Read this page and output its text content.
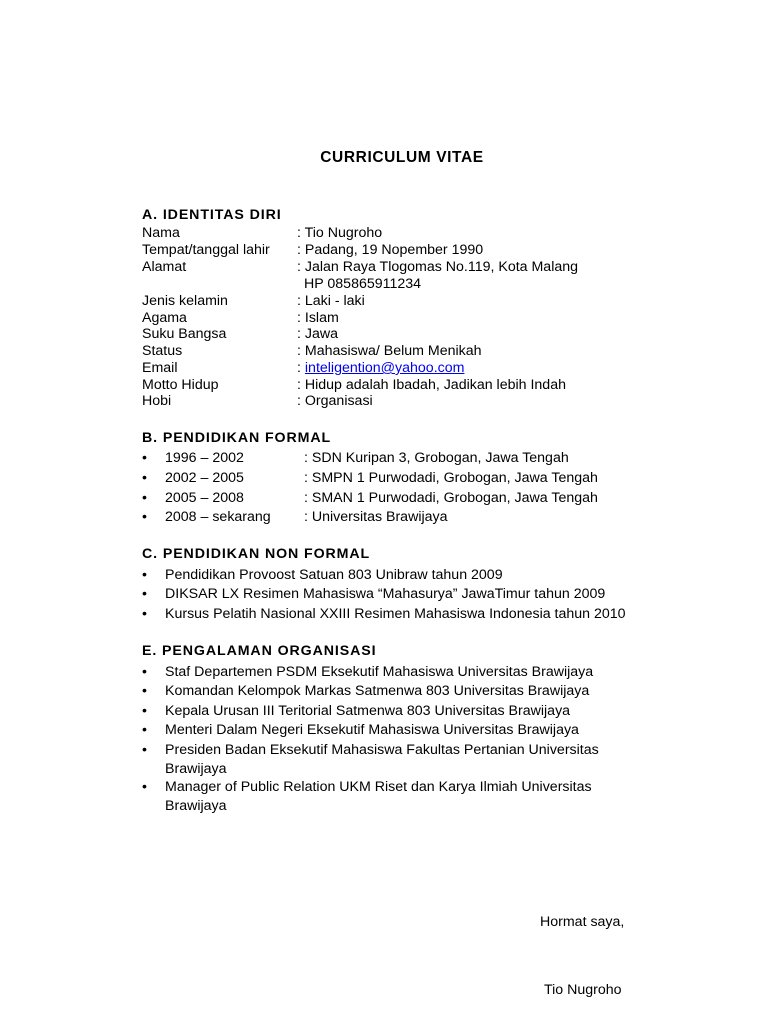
CURRICULUM VITAE
A. IDENTITAS DIRI
Nama	: Tio Nugroho
Tempat/tanggal lahir : Padang, 19 Nopember 1990
Alamat	: Jalan Raya Tlogomas No.119, Kota Malang
HP 085865911234
Jenis kelamin	: Laki - laki
Agama	: Islam
Suku Bangsa	: Jawa
Status	: Mahasiswa/ Belum Menikah
Email	: inteligention@yahoo.com
Motto Hidup	: Hidup adalah Ibadah, Jadikan lebih Indah
Hobi	: Organisasi
B. PENDIDIKAN FORMAL
• 1996 – 2002	: SDN Kuripan 3, Grobogan, Jawa Tengah
• 2002 – 2005	: SMPN 1 Purwodadi, Grobogan, Jawa Tengah
• 2005 – 2008	: SMAN 1 Purwodadi, Grobogan, Jawa Tengah
• 2008 – sekarang : Universitas Brawijaya
C. PENDIDIKAN NON FORMAL
• Pendidikan Provoost Satuan 803 Unibraw tahun 2009
• DIKSAR LX Resimen Mahasiswa “Mahasurya” JawaTimur tahun 2009
• Kursus Pelatih Nasional XXIII Resimen Mahasiswa Indonesia tahun 2010
E. PENGALAMAN ORGANISASI
• Staf Departemen PSDM Eksekutif Mahasiswa Universitas Brawijaya
• Komandan Kelompok Markas Satmenwa 803 Universitas Brawijaya
• Kepala Urusan III Teritorial Satmenwa 803 Universitas Brawijaya
• Menteri Dalam Negeri Eksekutif Mahasiswa Universitas Brawijaya
• Presiden Badan Eksekutif Mahasiswa Fakultas Pertanian Universitas Brawijaya
• Manager of Public Relation UKM Riset dan Karya Ilmiah Universitas Brawijaya
Hormat saya,
Tio Nugroho
